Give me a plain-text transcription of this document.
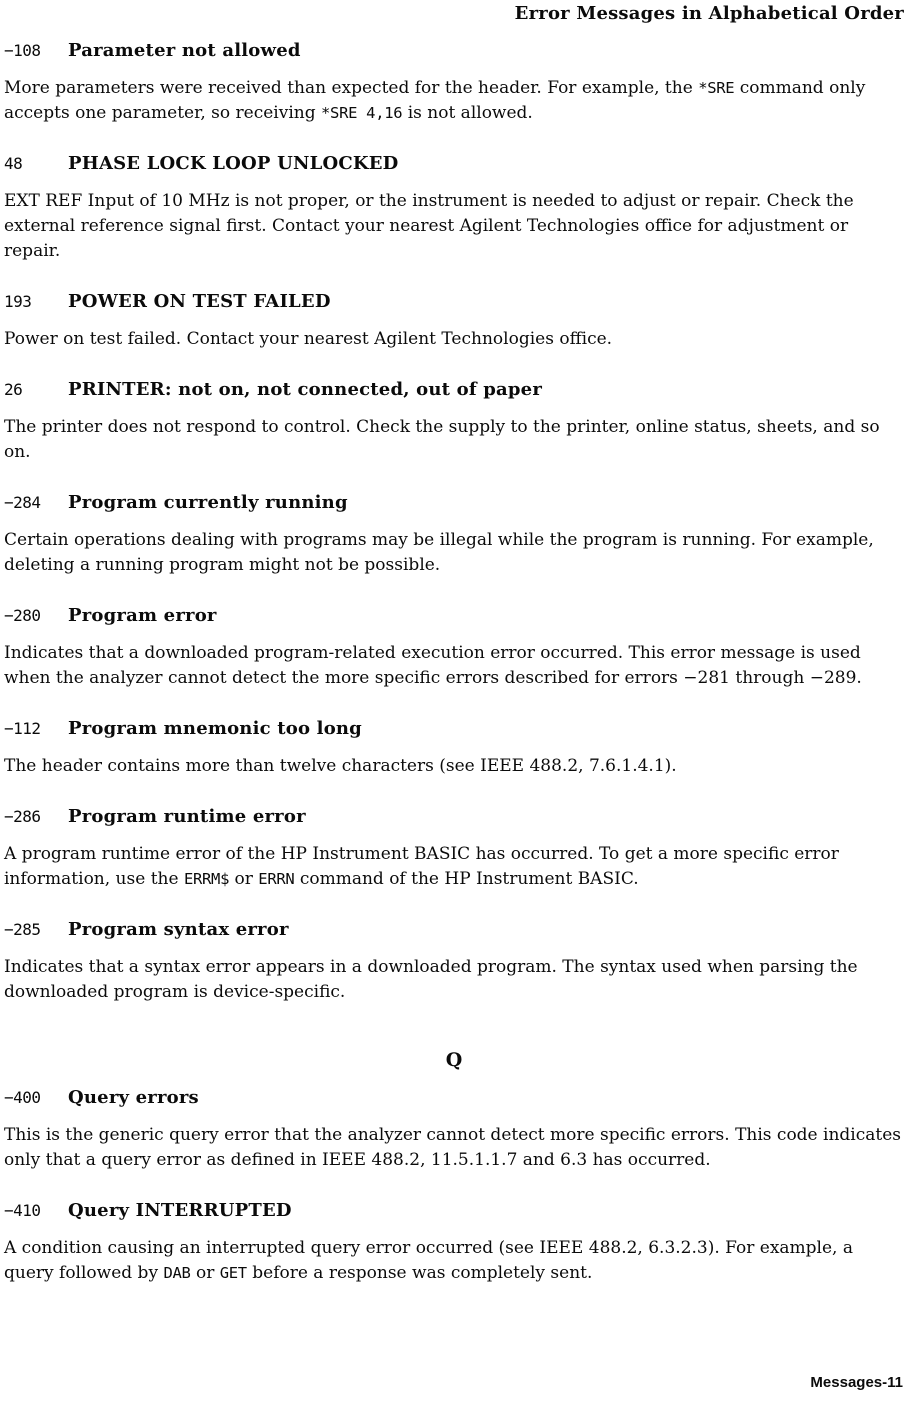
Error Messages in Alphabetical Order
−108	Parameter not allowed

More parameters were received than expected for the header. For example, the *SRE command only accepts one parameter, so receiving *SRE 4,16 is not allowed.

48	PHASE LOCK LOOP UNLOCKED

EXT REF Input of 10 MHz is not proper, or the instrument is needed to adjust or repair. Check the external reference signal first. Contact your nearest Agilent Technologies office for adjustment or repair.

193	POWER ON TEST FAILED

Power on test failed. Contact your nearest Agilent Technologies office.

26	PRINTER: not on, not connected, out of paper

The printer does not respond to control. Check the supply to the printer, online status, sheets, and so on.

−284	Program currently running

Certain operations dealing with programs may be illegal while the program is running. For example, deleting a running program might not be possible.

−280	Program error

Indicates that a downloaded program-related execution error occurred. This error message is used when the analyzer cannot detect the more specific errors described for errors −281 through −289.

−112	Program mnemonic too long

The header contains more than twelve characters (see IEEE 488.2, 7.6.1.4.1).

−286	Program runtime error

A program runtime error of the HP Instrument BASIC has occurred. To get a more specific error information, use the ERRM$ or ERRN command of the HP Instrument BASIC.

−285	Program syntax error

Indicates that a syntax error appears in a downloaded program. The syntax used when parsing the downloaded program is device-specific.

Q
−400	Query errors

This is the generic query error that the analyzer cannot detect more specific errors. This code indicates only that a query error as defined in IEEE 488.2, 11.5.1.1.7 and 6.3 has occurred.

−410	Query INTERRUPTED

A condition causing an interrupted query error occurred (see IEEE 488.2, 6.3.2.3). For example, a query followed by DAB or GET before a response was completely sent.

Messages-11
